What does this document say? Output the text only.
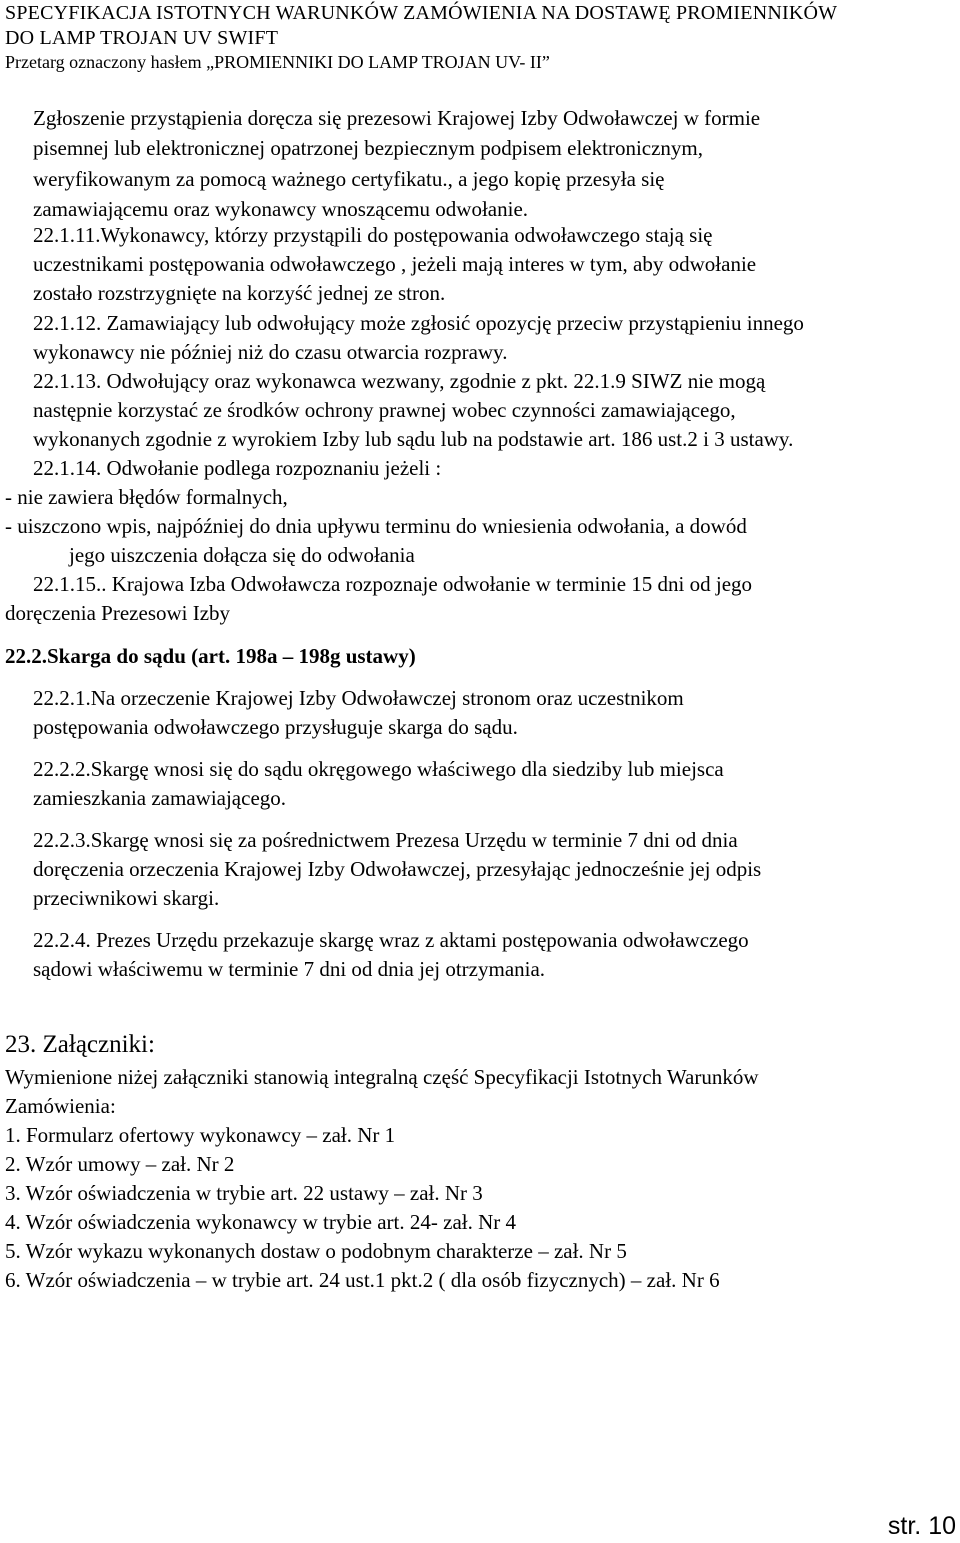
SPECYFIKACJA ISTOTNYCH WARUNKÓW ZAMÓWIENIA NA DOSTAWĘ PROMIENNIKÓW
DO LAMP TROJAN UV SWIFT
Przetarg oznaczony hasłem „PROMIENNIKI DO LAMP TROJAN UV- II”
Zgłoszenie przystąpienia doręcza się prezesowi Krajowej Izby Odwoławczej w formie
pisemnej lub elektronicznej opatrzonej bezpiecznym podpisem elektronicznym,
weryfikowanym za pomocą ważnego certyfikatu., a jego kopię przesyła się
zamawiającemu oraz wykonawcy wnoszącemu odwołanie.
22.1.11.Wykonawcy, którzy przystąpili do postępowania odwoławczego stają się
uczestnikami postępowania odwoławczego , jeżeli mają interes w tym, aby odwołanie
zostało rozstrzygnięte na korzyść jednej ze stron.
22.1.12. Zamawiający lub odwołujący może zgłosić opozycję przeciw przystąpieniu innego
wykonawcy nie później niż do czasu otwarcia rozprawy.
22.1.13. Odwołujący oraz wykonawca wezwany, zgodnie z pkt. 22.1.9 SIWZ nie mogą
następnie korzystać ze środków ochrony prawnej wobec czynności zamawiającego,
wykonanych zgodnie z wyrokiem Izby lub sądu lub na podstawie art. 186 ust.2 i 3 ustawy.
22.1.14. Odwołanie podlega rozpoznaniu jeżeli :
- nie zawiera błędów formalnych,
- uiszczono wpis, najpóźniej do dnia upływu terminu do wniesienia odwołania, a dowód
jego uiszczenia dołącza się do odwołania
22.1.15.. Krajowa Izba Odwoławcza rozpoznaje odwołanie w terminie 15 dni od jego
doręczenia Prezesowi Izby
22.2.Skarga do sądu (art. 198a – 198g ustawy)
22.2.1.Na orzeczenie Krajowej Izby Odwoławczej stronom oraz uczestnikom
postępowania odwoławczego przysługuje skarga do sądu.
22.2.2.Skargę wnosi się do sądu okręgowego właściwego dla siedziby lub miejsca
zamieszkania zamawiającego.
22.2.3.Skargę wnosi się za pośrednictwem Prezesa Urzędu w terminie 7 dni od dnia
doręczenia orzeczenia Krajowej Izby Odwoławczej, przesyłając jednocześnie jej odpis
przeciwnikowi skargi.
22.2.4. Prezes Urzędu przekazuje skargę wraz z aktami postępowania odwoławczego
sądowi właściwemu w terminie 7 dni od dnia jej otrzymania.
23. Załączniki:
Wymienione niżej załączniki stanowią integralną część Specyfikacji Istotnych Warunków
Zamówienia:
1. Formularz ofertowy wykonawcy – zał. Nr 1
2. Wzór umowy – zał. Nr 2
3. Wzór oświadczenia w trybie art. 22 ustawy – zał. Nr 3
4. Wzór oświadczenia wykonawcy w trybie art. 24- zał. Nr 4
5. Wzór wykazu wykonanych dostaw o podobnym charakterze – zał. Nr 5
6. Wzór oświadczenia – w trybie art. 24 ust.1 pkt.2 ( dla osób fizycznych) – zał. Nr 6
str. 10
